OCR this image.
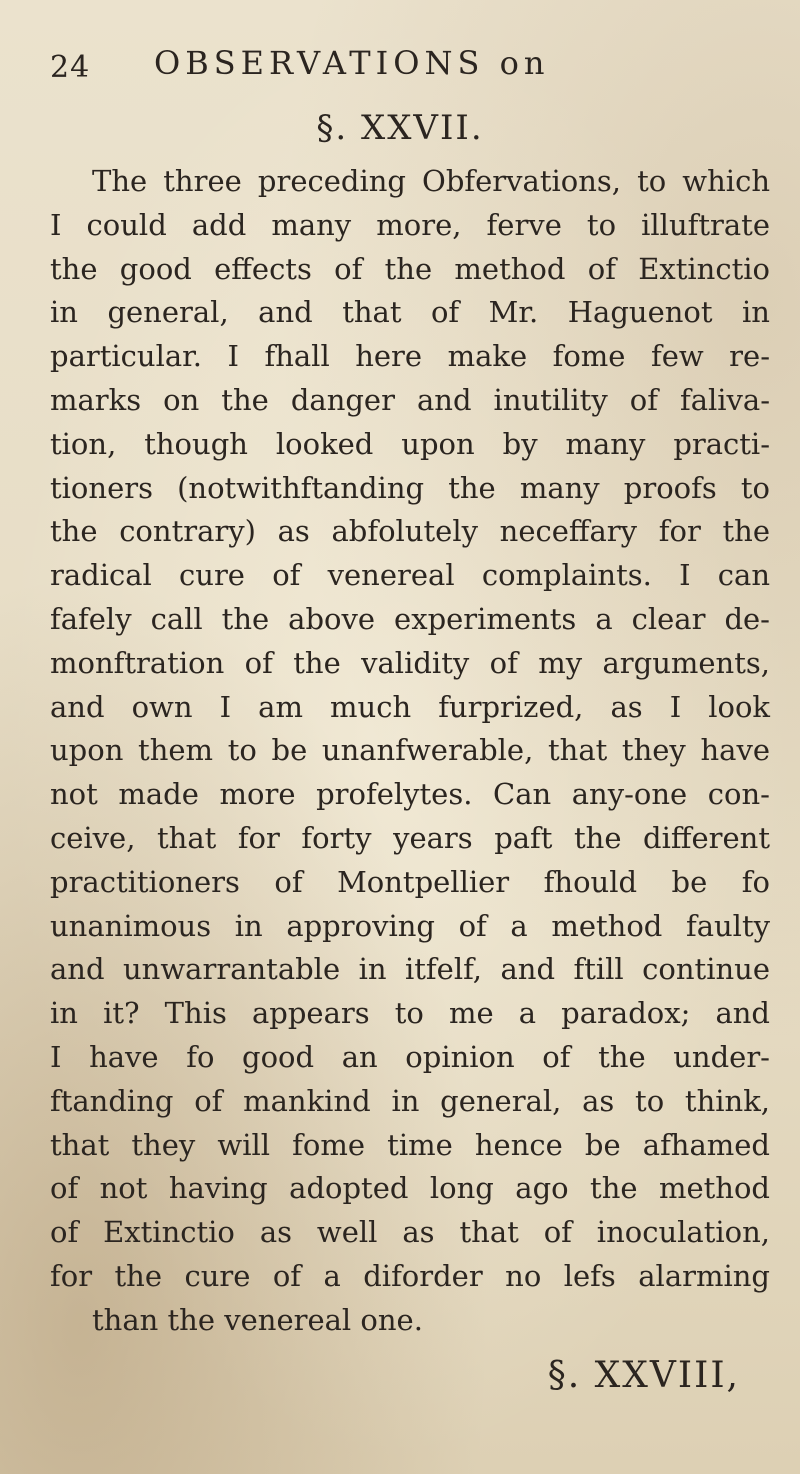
24 OBSERVATIONS on
§. XXVII.
The three preceding Obfervations, to which
I could add many more, ferve to illuftrate
the good effects of the method of Extinctio
in general, and that of Mr. Haguenot in
particular. I fhall here make fome few re-
marks on the danger and inutility of faliva-
tion, though looked upon by many practi-
tioners (notwithftanding the many proofs to
the contrary) as abfolutely neceffary for the
radical cure of venereal complaints. I can
fafely call the above experiments a clear de-
monftration of the validity of my arguments,
and own I am much furprized, as I look
upon them to be unanfwerable, that they have
not made more profelytes. Can any-one con-
ceive, that for forty years paft the different
practitioners of Montpellier fhould be fo
unanimous in approving of a method faulty
and unwarrantable in itfelf, and ftill continue
in it? This appears to me a paradox; and
I have fo good an opinion of the under-
ftanding of mankind in general, as to think,
that they will fome time hence be afhamed
of not having adopted long ago the method
of Extinctio as well as that of inoculation,
for the cure of a diforder no lefs alarming
than the venereal one.
§. XXVIII,
